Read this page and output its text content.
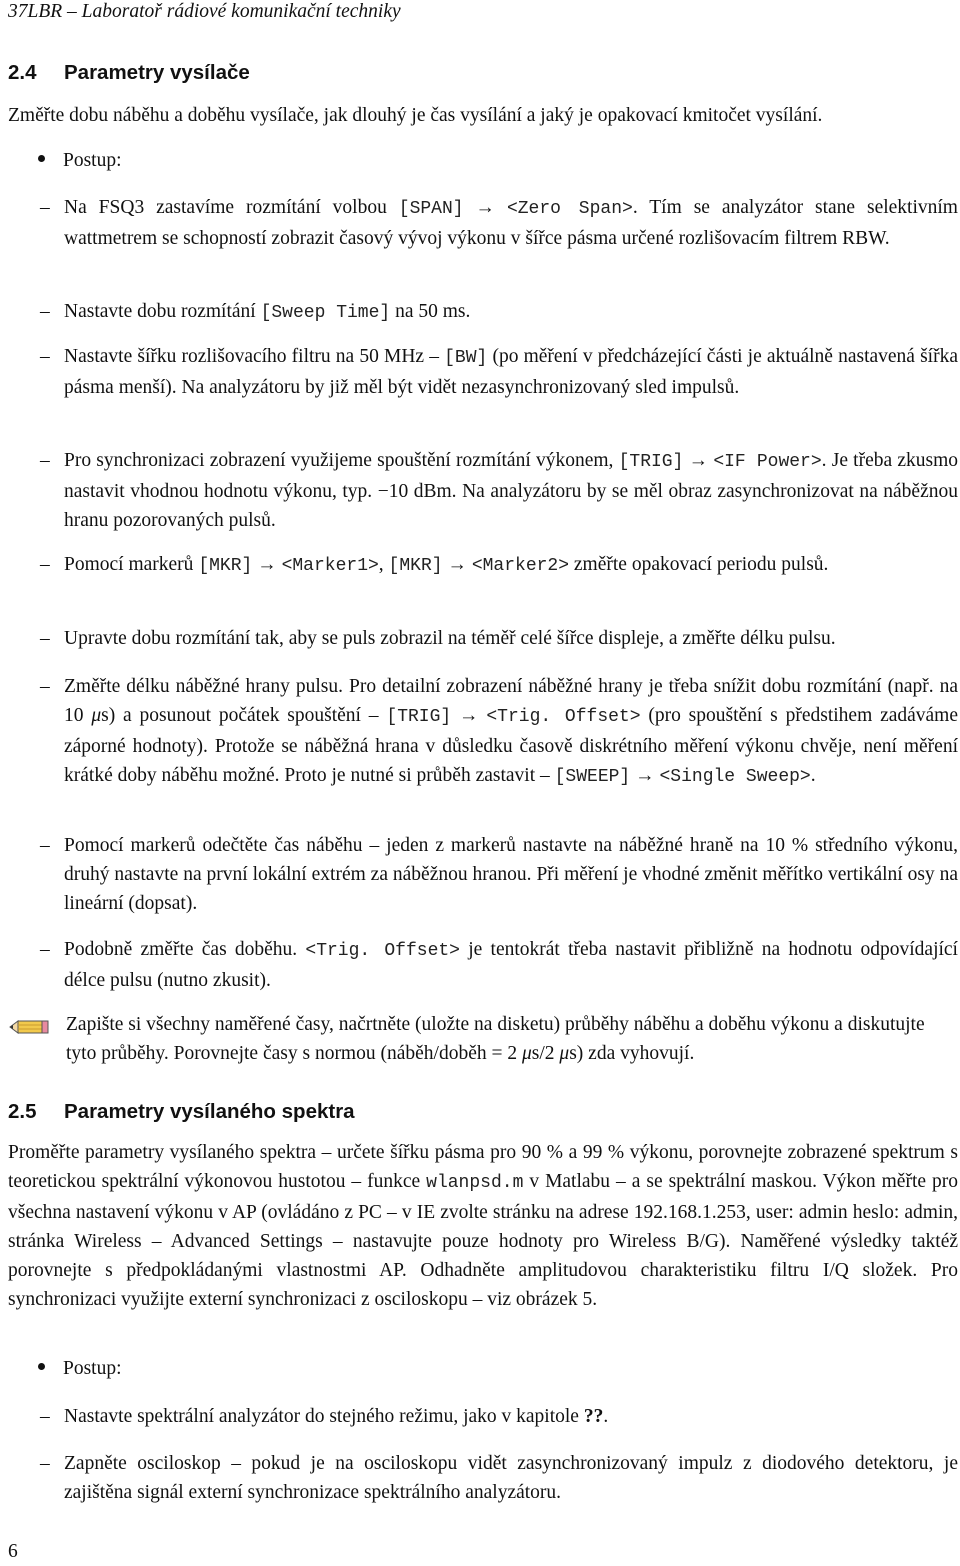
37LBR – Laboratoř rádiové komunikační techniky
2.4 Parametry vysílače
Změřte dobu náběhu a doběhu vysílače, jak dlouhý je čas vysílání a jaký je opakovací kmitočet vysílání.
Postup:
– Na FSQ3 zastavíme rozmítání volbou [SPAN] → <Zero Span>. Tím se analyzátor stane selektivním wattmetrem se schopností zobrazit časový vývoj výkonu v šířce pásma určené rozlišovacím filtrem RBW.
– Nastavte dobu rozmítání [Sweep Time] na 50 ms.
– Nastavte šířku rozlišovacího filtru na 50 MHz – [BW] (po měření v předcházející části je aktuálně nastavená šířka pásma menší). Na analyzátoru by již měl být vidět nezasynchronizovaný sled impulsů.
– Pro synchronizaci zobrazení využijeme spouštění rozmítání výkonem, [TRIG] → <IF Power>. Je třeba zkusmo nastavit vhodnou hodnotu výkonu, typ. −10 dBm. Na analyzátoru by se měl obraz zasynchronizovat na náběžnou hranu pozorovaných pulsů.
– Pomocí markerů [MKR] → <Marker1>, [MKR] → <Marker2> změřte opakovací periodu pulsů.
– Upravte dobu rozmítání tak, aby se puls zobrazil na téměř celé šířce displeje, a změřte délku pulsu.
– Změřte délku náběžné hrany pulsu. Pro detailní zobrazení náběžné hrany je třeba snížit dobu rozmítání (např. na 10 μs) a posunout počátek spouštění – [TRIG] → <Trig. Offset> (pro spouštění s předstihem zadáváme záporné hodnoty). Protože se náběžná hrana v důsledku časově diskrétního měření výkonu chvěje, není měření krátké doby náběhu možné. Proto je nutné si průběh zastavit – [SWEEP] → <Single Sweep>.
– Pomocí markerů odečtěte čas náběhu – jeden z markerů nastavte na náběžné hraně na 10 % středního výkonu, druhý nastavte na první lokální extrém za náběžnou hranou. Při měření je vhodné změnit měřítko vertikální osy na lineární (dopsat).
– Podobně změřte čas doběhu. <Trig. Offset> je tentokrát třeba nastavit přibližně na hodnotu odpovídající délce pulsu (nutno zkusit).
Zapište si všechny naměřené časy, načrtněte (uložte na disketu) průběhy náběhu a doběhu výkonu a diskutujte tyto průběhy. Porovnejte časy s normou (náběh/doběh = 2 μs/2 μs) zda vyhovují.
2.5 Parametry vysílaného spektra
Proměřte parametry vysílaného spektra – určete šířku pásma pro 90 % a 99 % výkonu, porovnejte zobrazené spektrum s teoretickou spektrální výkonovou hustotou – funkce wlanpsd.m v Matlabu – a se spektrální maskou. Výkon měřte pro všechna nastavení výkonu v AP (ovládáno z PC – v IE zvolte stránku na adrese 192.168.1.253, user: admin heslo: admin, stránka Wireless – Advanced Settings – nastavujte pouze hodnoty pro Wireless B/G). Naměřené výsledky taktéž porovnejte s předpokládanými vlastnostmi AP. Odhadněte amplitudovou charakteristiku filtru I/Q složek. Pro synchronizaci využijte externí synchronizaci z osciloskopu – viz obrázek 5.
Postup:
– Nastavte spektrální analyzátor do stejného režimu, jako v kapitole ??.
– Zapněte osciloskop – pokud je na osciloskopu vidět zasynchronizovaný impulz z diodového detektoru, je zajištěna signál externí synchronizace spektrálního analyzátoru.
6
